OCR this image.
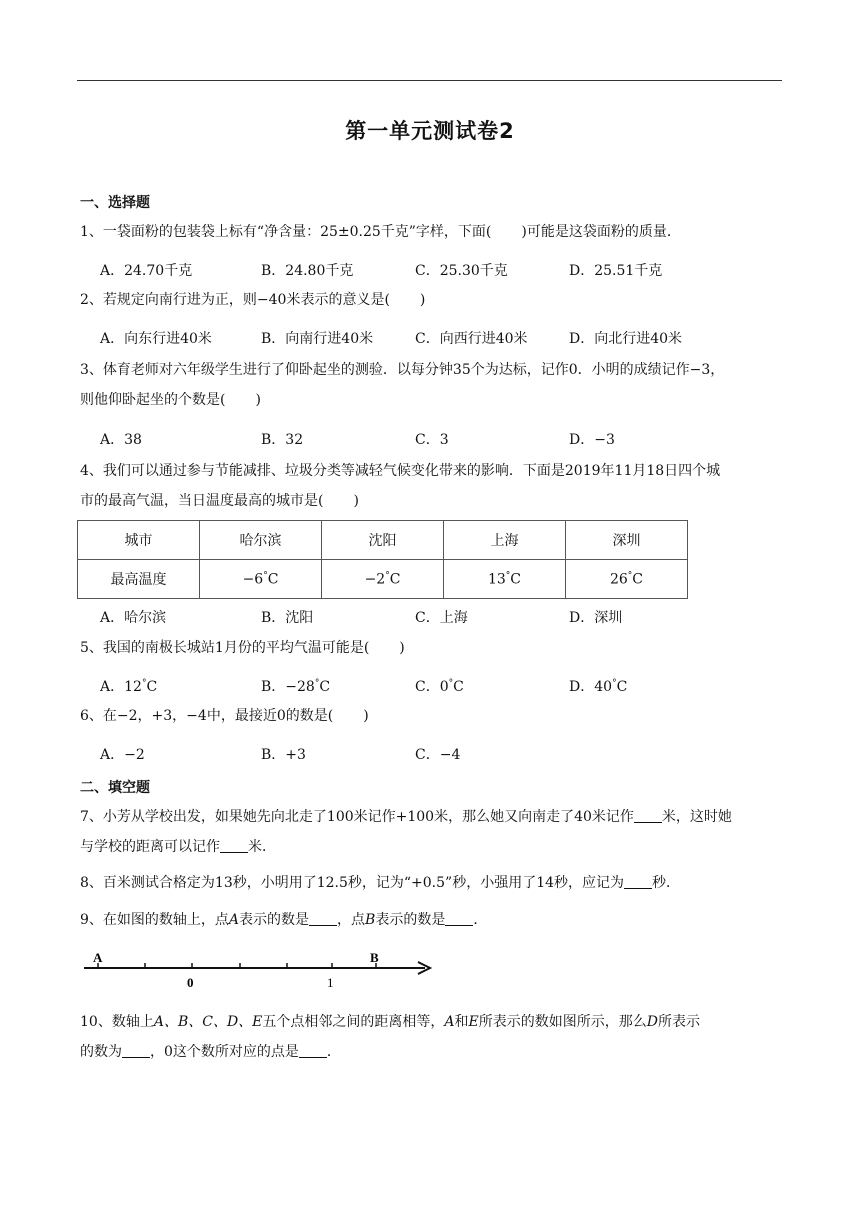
第一单元测试卷2
一、选择题
1、一袋面粉的包装袋上标有“净含量：25±0.25千克”字样，下面( )可能是这袋面粉的质量．
A．24.70千克	B．24.80千克	C．25.30千克	D．25.51千克
2、若规定向南行进为正，则−40米表示的意义是( )
A．向东行进40米	B．向南行进40米	C．向西行进40米	D．向北行进40米
3、体育老师对六年级学生进行了仰卧起坐的测验．以每分钟35个为达标，记作0．小明的成绩记作−3，
则他仰卧起坐的个数是( )
A．38	B．32	C．3	D．−3
4、我们可以通过参与节能减排、垃圾分类等减轻气候变化带来的影响．下面是2019年11月18日四个城
市的最高气温，当日温度最高的城市是( )
城市	哈尔滨	沈阳	上海	深圳
最高温度	−6°C	−2°C	13°C	26°C
A．哈尔滨	B．沈阳	C．上海	D．深圳
5、我国的南极长城站1月份的平均气温可能是( )
A．12°C	B．−28°C	C．0°C	D．40°C
6、在−2，+3，−4中，最接近0的数是( )
A．−2	B．+3	C．−4
二、填空题
7、小芳从学校出发，如果她先向北走了100米记作+100米，那么她又向南走了40米记作 米，这时她
与学校的距离可以记作 米．
8、百米测试合格定为13秒，小明用了12.5秒，记为“+0.5”秒，小强用了14秒，应记为 秒．
9、在如图的数轴上，点A表示的数是 ，点B表示的数是 ．
A	B
0	1
10、数轴上A、B、C、D、E五个点相邻之间的距离相等，A和E所表示的数如图所示，那么D所表示
的数为 ，0这个数所对应的点是 ．
